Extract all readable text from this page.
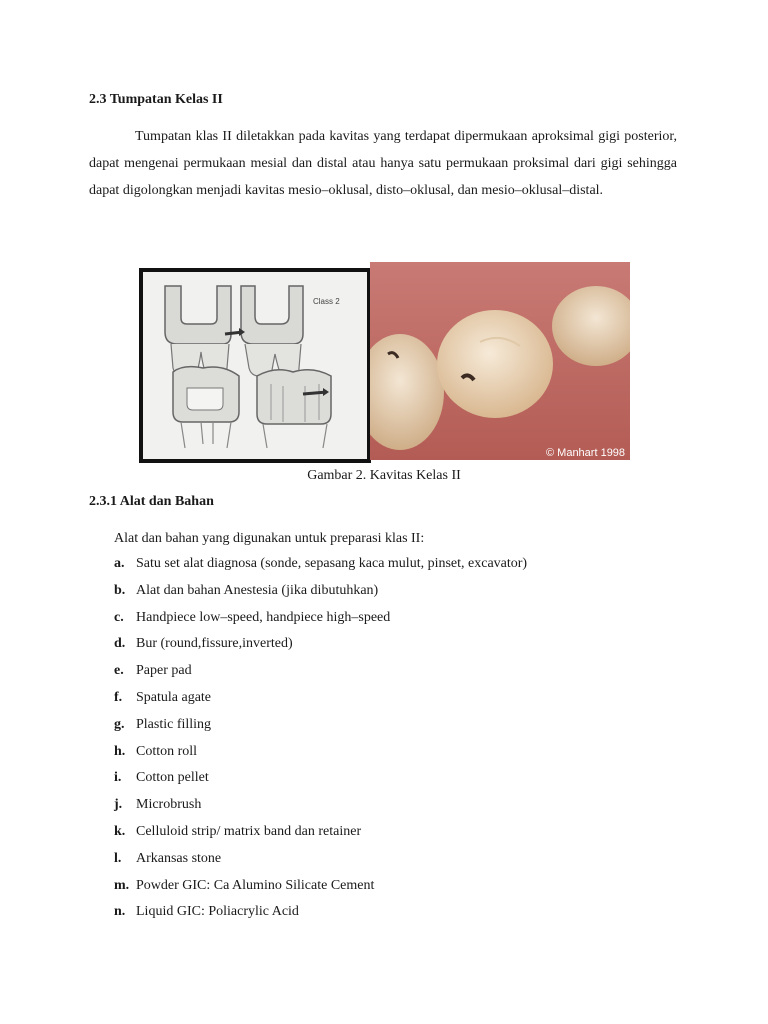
2.3 Tumpatan Kelas II

Tumpatan klas II diletakkan pada kavitas yang terdapat dipermukaan aproksimal gigi posterior, dapat mengenai permukaan mesial dan distal atau hanya satu permukaan proksimal dari gigi sehingga dapat digolongkan menjadi kavitas mesio–oklusal, disto–oklusal, dan mesio–oklusal–distal.

Class 2
© Manhart 1998

Gambar 2. Kavitas Kelas II

2.3.1 Alat dan Bahan

Alat dan bahan yang digunakan untuk preparasi klas II:

a. Satu set alat diagnosa (sonde, sepasang kaca mulut, pinset, excavator)
b. Alat dan bahan Anestesia (jika dibutuhkan)
c. Handpiece low–speed, handpiece high–speed
d. Bur (round,fissure,inverted)
e. Paper pad
f. Spatula agate
g. Plastic filling
h. Cotton roll
i.	Cotton pellet
j. Microbrush
k. Celluloid strip/ matrix band dan retainer
l.	Arkansas stone
m. Powder GIC: Ca Alumino Silicate Cement
n. Liquid GIC: Poliacrylic Acid
